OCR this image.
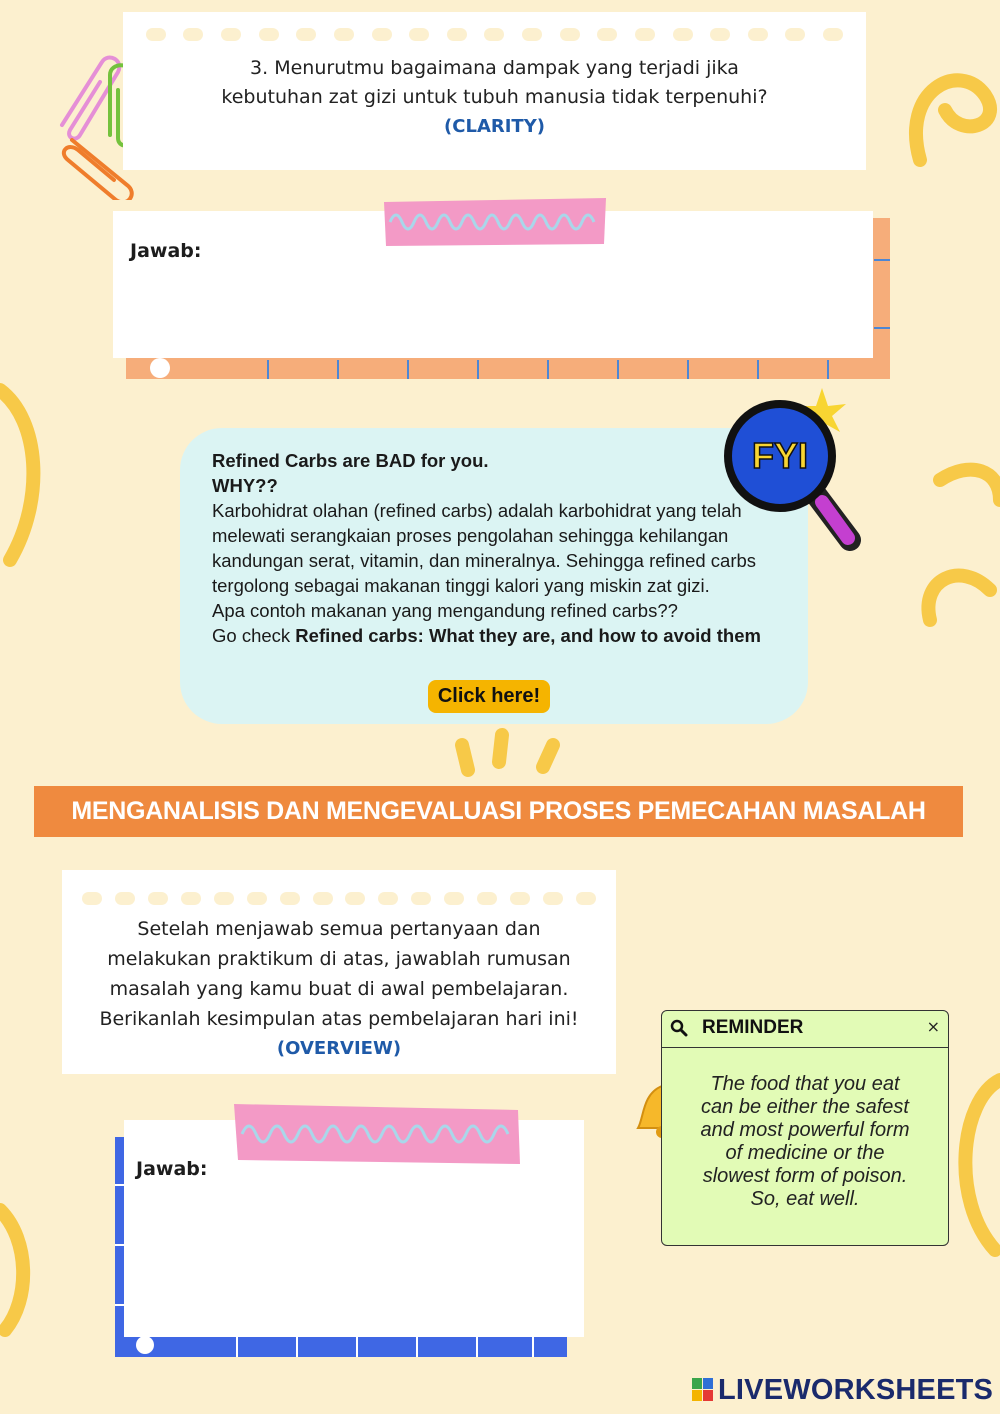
3. Menurutmu bagaimana dampak yang terjadi jika
kebutuhan zat gizi untuk tubuh manusia tidak terpenuhi?
(CLARITY)
Jawab:
Refined Carbs are BAD for you.
WHY??
Karbohidrat olahan (refined carbs) adalah karbohidrat yang telah melewati serangkaian proses pengolahan sehingga kehilangan kandungan serat, vitamin, dan mineralnya. Sehingga refined carbs tergolong sebagai makanan tinggi kalori yang miskin zat gizi.
Apa contoh makanan yang mengandung refined carbs??
Go check Refined carbs: What they are, and how to avoid them
Click here!
FYI
MENGANALISIS DAN MENGEVALUASI PROSES PEMECAHAN MASALAH
Setelah menjawab semua pertanyaan dan
melakukan praktikum di atas, jawablah rumusan
masalah yang kamu buat di awal pembelajaran.
Berikanlah kesimpulan atas pembelajaran hari ini!
(OVERVIEW)
Jawab:
REMINDER	×
The food that you eat
can be either the safest
and most powerful form
of medicine or the
slowest form of poison.
So, eat well.
LIVEWORKSHEETS
